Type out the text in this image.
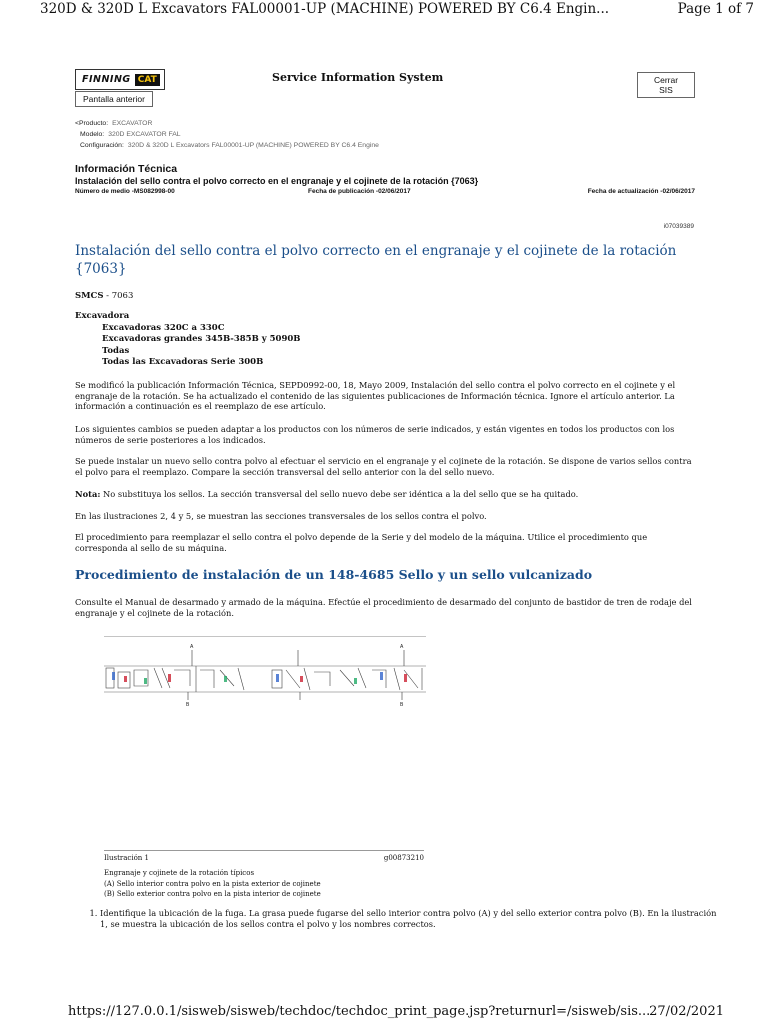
320D & 320D L Excavators FAL00001-UP (MACHINE) POWERED BY C6.4 Engin...	Page 1 of 7
FINNING CAT	Service Information System
Pantalla anterior
Cerrar SIS
<Producto: EXCAVATOR
Modelo: 320D EXCAVATOR FAL
Configuración: 320D & 320D L Excavators FAL00001-UP (MACHINE) POWERED BY C6.4 Engine
Información Técnica
Instalación del sello contra el polvo correcto en el engranaje y el cojinete de la rotación {7063}
Número de medio -MS082998-00	Fecha de publicación -02/06/2017	Fecha de actualización -02/06/2017
i07039389
Instalación del sello contra el polvo correcto en el engranaje y el cojinete de la rotación {7063}
SMCS - 7063
Excavadora
Excavadoras 320C a 330C
Excavadoras grandes 345B-385B y 5090B
Todas
Todas las Excavadoras Serie 300B

Se modificó la publicación Información Técnica, SEPD0992-00, 18, Mayo 2009, Instalación del sello contra el polvo correcto en el cojinete y el engranaje de la rotación. Se ha actualizado el contenido de las siguientes publicaciones de Información técnica. Ignore el artículo anterior. La información a continuación es el reemplazo de ese artículo.

Los siguientes cambios se pueden adaptar a los productos con los números de serie indicados, y están vigentes en todos los productos con los números de serie posteriores a los indicados.

Se puede instalar un nuevo sello contra polvo al efectuar el servicio en el engranaje y el cojinete de la rotación. Se dispone de varios sellos contra el polvo para el reemplazo. Compare la sección transversal del sello anterior con la del sello nuevo.

Nota: No substituya los sellos. La sección transversal del sello nuevo debe ser idéntica a la del sello que se ha quitado.

En las ilustraciones 2, 4 y 5, se muestran las secciones transversales de los sellos contra el polvo.

El procedimiento para reemplazar el sello contra el polvo depende de la Serie y del modelo de la máquina. Utilice el procedimiento que corresponda al sello de su máquina.

Procedimiento de instalación de un 148-4685 Sello y un sello vulcanizado

Consulte el Manual de desarmado y armado de la máquina. Efectúe el procedimiento de desarmado del conjunto de bastidor de tren de rodaje del engranaje y el cojinete de la rotación.

A
B
A
B
Ilustración 1	g00873210
Engranaje y cojinete de la rotación típicos
(A) Sello interior contra polvo en la pista exterior de cojinete
(B) Sello exterior contra polvo en la pista interior de cojinete
1. Identifique la ubicación de la fuga. La grasa puede fugarse del sello interior contra polvo (A) y del sello exterior contra polvo (B). En la ilustración 1, se muestra la ubicación de los sellos contra el polvo y los nombres correctos.
https://127.0.0.1/sisweb/sisweb/techdoc/techdoc_print_page.jsp?returnurl=/sisweb/sis...
27/02/2021
